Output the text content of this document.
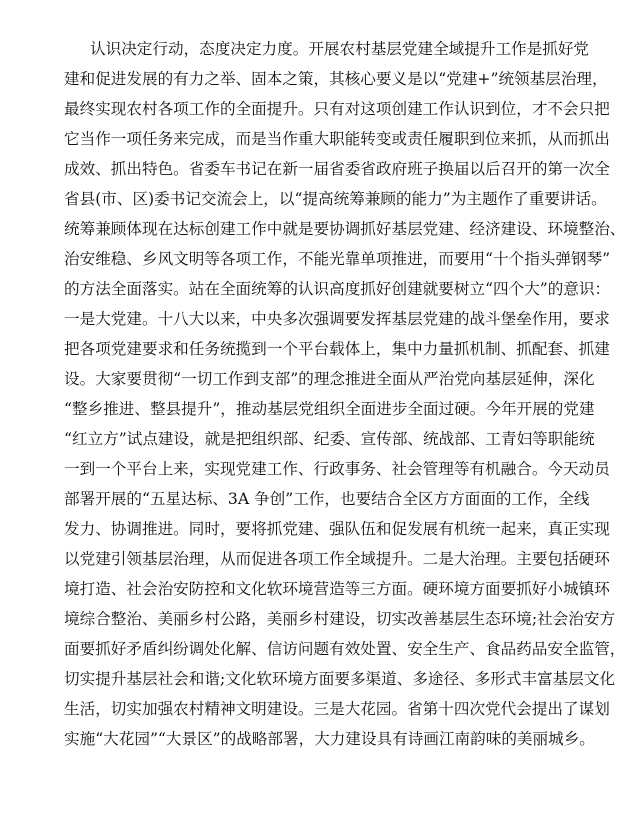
认识决定行动，态度决定力度。开展农村基层党建全域提升工作是抓好党
建和促进发展的有力之举、固本之策，其核心要义是以“党建+”统领基层治理，
最终实现农村各项工作的全面提升。只有对这项创建工作认识到位，才不会只把
它当作一项任务来完成，而是当作重大职能转变或责任履职到位来抓，从而抓出
成效、抓出特色。省委车书记在新一届省委省政府班子换届以后召开的第一次全
省县(市、区)委书记交流会上，以“提高统筹兼顾的能力”为主题作了重要讲话。
统筹兼顾体现在达标创建工作中就是要协调抓好基层党建、经济建设、环境整治、
治安维稳、乡风文明等各项工作，不能光靠单项推进，而要用“十个指头弹钢琴”
的方法全面落实。站在全面统筹的认识高度抓好创建就要树立“四个大”的意识：
一是大党建。十八大以来，中央多次强调要发挥基层党建的战斗堡垒作用，要求
把各项党建要求和任务统揽到一个平台载体上，集中力量抓机制、抓配套、抓建
设。大家要贯彻“一切工作到支部”的理念推进全面从严治党向基层延伸，深化
“整乡推进、整县提升”，推动基层党组织全面进步全面过硬。今年开展的党建
“红立方”试点建设，就是把组织部、纪委、宣传部、统战部、工青妇等职能统
一到一个平台上来，实现党建工作、行政事务、社会管理等有机融合。今天动员
部署开展的“五星达标、3A 争创”工作，也要结合全区方方面面的工作，全线
发力、协调推进。同时，要将抓党建、强队伍和促发展有机统一起来，真正实现
以党建引领基层治理，从而促进各项工作全域提升。二是大治理。主要包括硬环
境打造、社会治安防控和文化软环境营造等三方面。硬环境方面要抓好小城镇环
境综合整治、美丽乡村公路，美丽乡村建设，切实改善基层生态环境;社会治安方
面要抓好矛盾纠纷调处化解、信访问题有效处置、安全生产、食品药品安全监管，
切实提升基层社会和谐;文化软环境方面要多渠道、多途径、多形式丰富基层文化
生活，切实加强农村精神文明建设。三是大花园。省第十四次党代会提出了谋划
实施“大花园”“大景区”的战略部署，大力建设具有诗画江南韵味的美丽城乡。
